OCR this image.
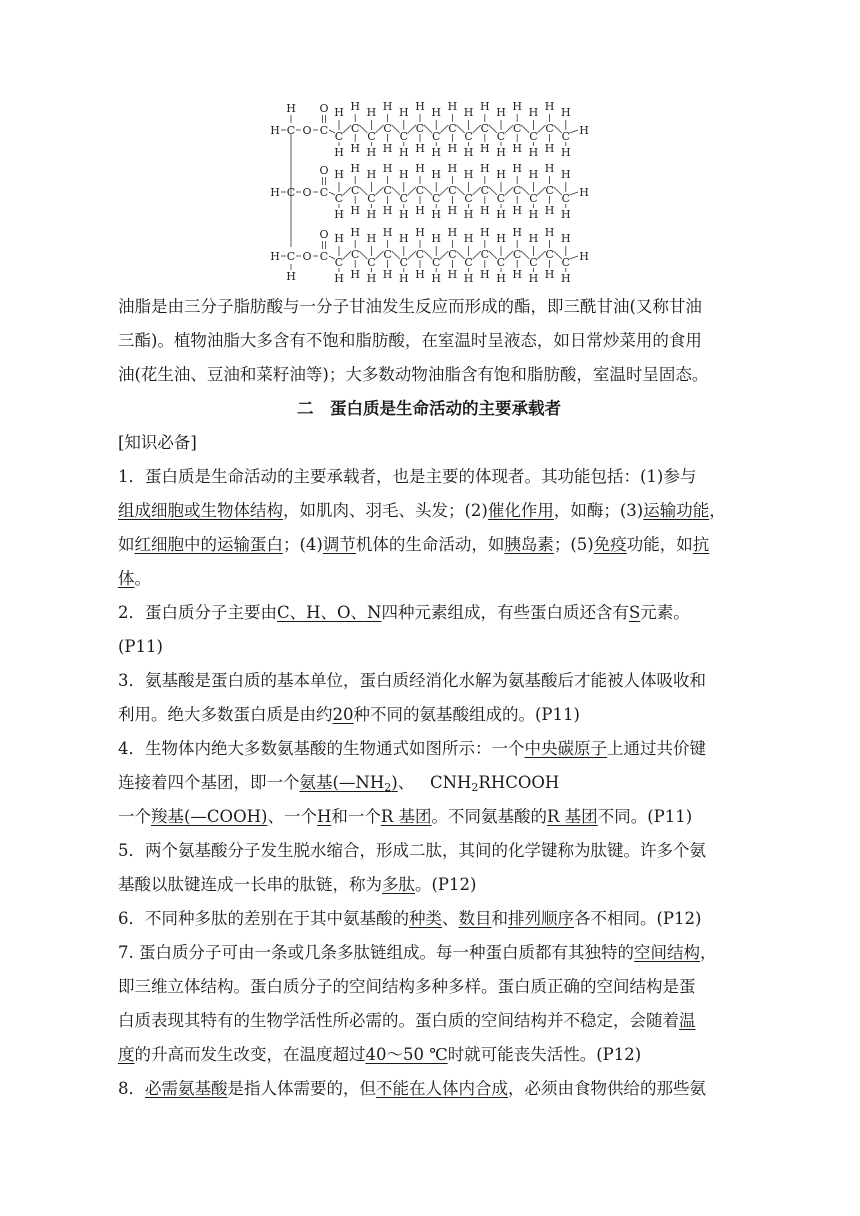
H C O C
O
H
C
H
H
C
H
H
C
H
H
C
H
H
C
H
H
C
H
H
C
H
H
C
H
H
C
H
H
C
H
H
C
H
H
C
H
H
C
H
H
C
H
H
C
H
H
H
H C O C
O
C
H
H
C
H
H
C
H
H
C
H
H
C
H
H
C
H
H
C
H
H
C
H
H
C
H
H
C
H
H
C
H
H
C
H
H
C
H
H
C
H
H
C
H
H
H
H C O C
O
H
C
H
H
C
H
H
C
H
H
C
H
H
C
H
H
C
H
H
C
H
H
C
H
H
C
H
H
C
H
H
C
H
H
C
H
H
C
H
H
C
H
H
C
H
H
H
油脂是由三分子脂肪酸与一分子甘油发生反应而形成的酯，即三酰甘油(又称甘油
三酯)。植物油脂大多含有不饱和脂肪酸，在室温时呈液态，如日常炒菜用的食用
油(花生油、豆油和菜籽油等)；大多数动物油脂含有饱和脂肪酸，室温时呈固态。
二　蛋白质是生命活动的主要承载者
[知识必备]
1．蛋白质是生命活动的主要承载者，也是主要的体现者。其功能包括：(1)参与
组成细胞或生物体结构，如肌肉、羽毛、头发；(2)催化作用，如酶；(3)运输功能，
如红细胞中的运输蛋白；(4)调节机体的生命活动，如胰岛素；(5)免疫功能，如抗
体。
2．蛋白质分子主要由C、H、O、N四种元素组成，有些蛋白质还含有S元素。
(P11)
3．氨基酸是蛋白质的基本单位，蛋白质经消化水解为氨基酸后才能被人体吸收和
利用。绝大多数蛋白质是由约20种不同的氨基酸组成的。(P11)
4．生物体内绝大多数氨基酸的生物通式如图所示：一个中央碳原子上通过共价键
连接着四个基团，即一个氨基$(—NH_2)$、 $CNH_2RHCOOH$
一个羧基(—COOH)、一个H和一个R 基团。不同氨基酸的R 基团不同。(P11)
5．两个氨基酸分子发生脱水缩合，形成二肽，其间的化学键称为肽键。许多个氨
基酸以肽键连成一长串的肽链，称为多肽。(P12)
6．不同种多肽的差别在于其中氨基酸的种类、数目和排列顺序各不相同。(P12)
7. 蛋白质分子可由一条或几条多肽链组成。每一种蛋白质都有其独特的空间结构，
即三维立体结构。蛋白质分子的空间结构多种多样。蛋白质正确的空间结构是蛋
白质表现其特有的生物学活性所必需的。蛋白质的空间结构并不稳定，会随着温
度的升高而发生改变，在温度超过40～50 ℃时就可能丧失活性。(P12)
8．必需氨基酸是指人体需要的，但不能在人体内合成，必须由食物供给的那些氨
